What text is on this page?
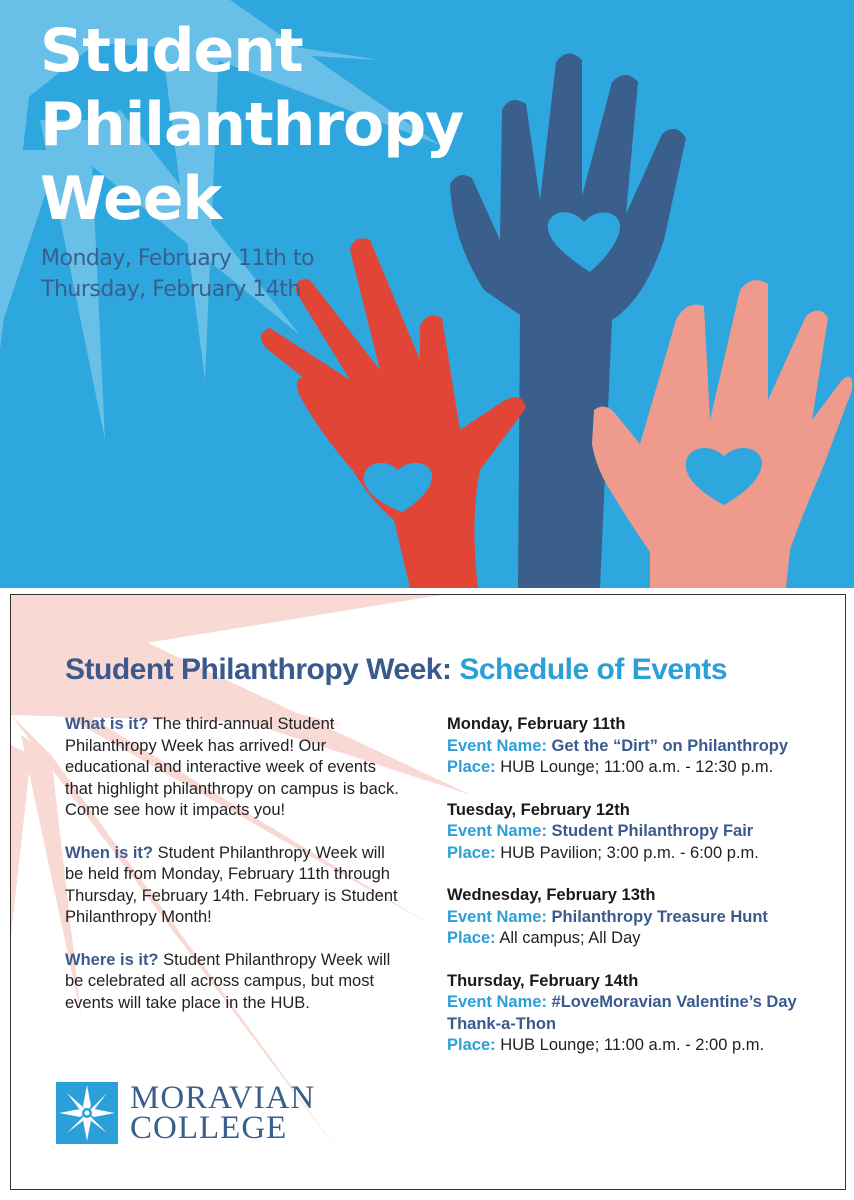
Student
Philanthropy
Week
Monday, February 11th to
Thursday, February 14th
Student Philanthropy Week: Schedule of Events

What is it? The third-annual Student Philanthropy Week has arrived! Our educational and interactive week of events that highlight philanthropy on campus is back. Come see how it impacts you!

When is it? Student Philanthropy Week will be held from Monday, February 11th through Thursday, February 14th. February is Student Philanthropy Month!

Where is it? Student Philanthropy Week will be celebrated all across campus, but most events will take place in the HUB.

Monday, February 11th
Event Name: Get the “Dirt” on Philanthropy
Place: HUB Lounge; 11:00 a.m. - 12:30 p.m.
Tuesday, February 12th
Event Name: Student Philanthropy Fair
Place: HUB Pavilion; 3:00 p.m. - 6:00 p.m.
Wednesday, February 13th
Event Name: Philanthropy Treasure Hunt
Place: All campus; All Day
Thursday, February 14th
Event Name: #LoveMoravian Valentine’s Day Thank-a-Thon
Place: HUB Lounge; 11:00 a.m. - 2:00 p.m.
MORAVIAN
COLLEGE
